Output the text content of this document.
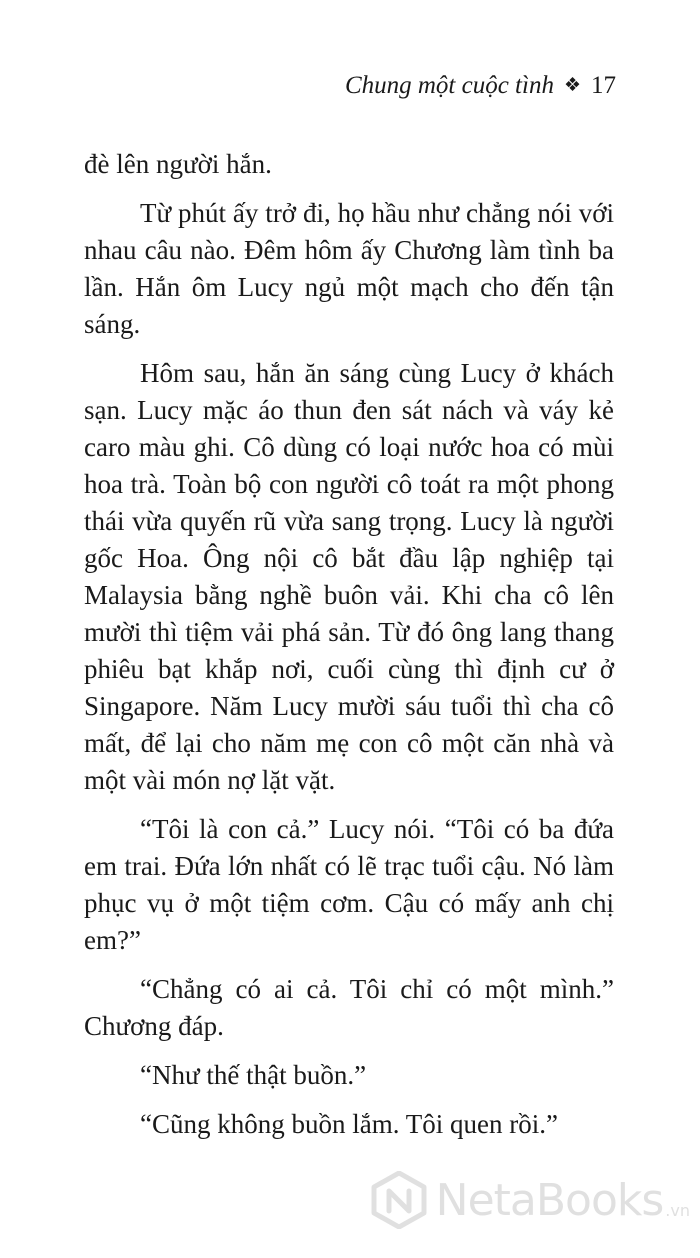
Chung một cuộc tình ❖ 17

đè lên người hắn.

Từ phút ấy trở đi, họ hầu như chẳng nói với nhau câu nào. Đêm hôm ấy Chương làm tình ba lần. Hắn ôm Lucy ngủ một mạch cho đến tận sáng.

Hôm sau, hắn ăn sáng cùng Lucy ở khách sạn. Lucy mặc áo thun đen sát nách và váy kẻ caro màu ghi. Cô dùng có loại nước hoa có mùi hoa trà. Toàn bộ con người cô toát ra một phong thái vừa quyến rũ vừa sang trọng. Lucy là người gốc Hoa. Ông nội cô bắt đầu lập nghiệp tại Malaysia bằng nghề buôn vải. Khi cha cô lên mười thì tiệm vải phá sản. Từ đó ông lang thang phiêu bạt khắp nơi, cuối cùng thì định cư ở Singapore. Năm Lucy mười sáu tuổi thì cha cô mất, để lại cho năm mẹ con cô một căn nhà và một vài món nợ lặt vặt.

“Tôi là con cả.” Lucy nói. “Tôi có ba đứa em trai. Đứa lớn nhất có lẽ trạc tuổi cậu. Nó làm phục vụ ở một tiệm cơm. Cậu có mấy anh chị em?”

“Chẳng có ai cả. Tôi chỉ có một mình.” Chương đáp.

“Như thế thật buồn.”

“Cũng không buồn lắm. Tôi quen rồi.”

NetaBooks .vn
